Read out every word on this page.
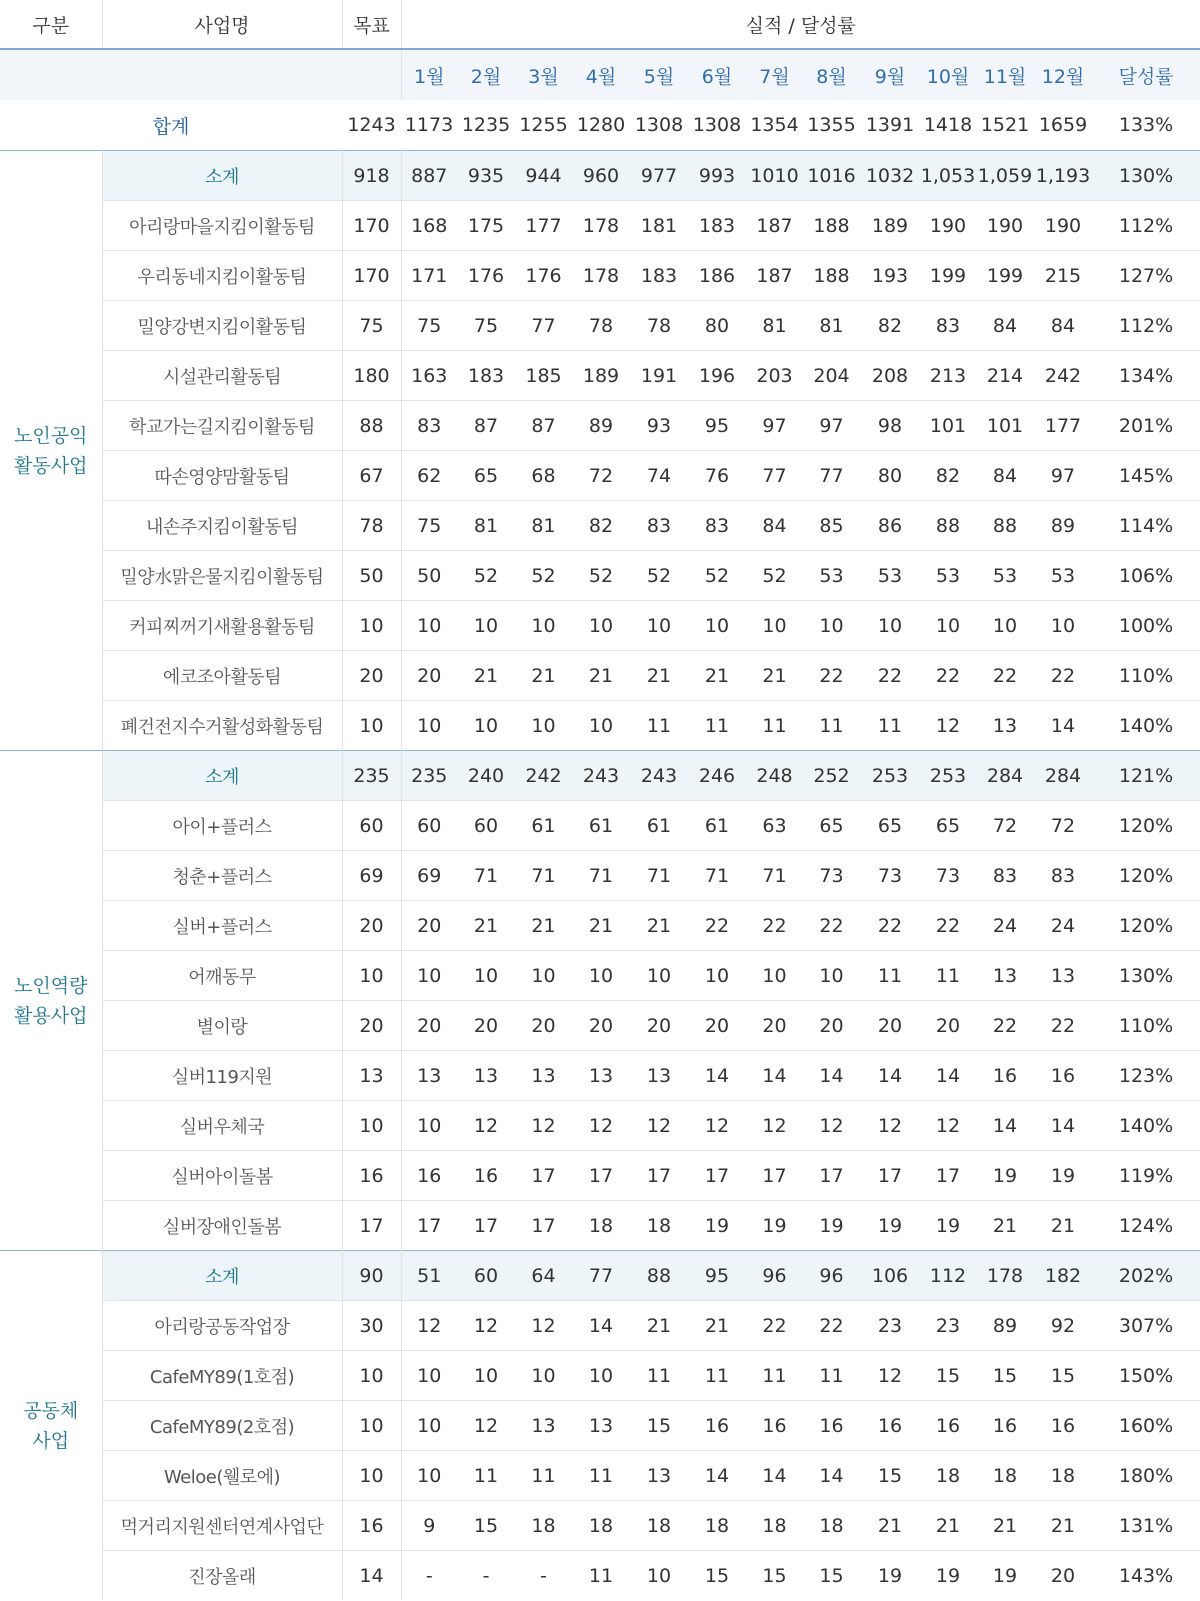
구분	사업명	목표	실적 / 달성률												
			1월	2월	3월	4월	5월	6월	7월	8월	9월	10월	11월	12월	달성률
합계		1243	1173	1235	1255	1280	1308	1308	1354	1355	1391	1418	1521	1659	133%
노인공익
활동사업	소계	918	887	935	944	960	977	993	1010	1016	1032	1,053	1,059	1,193	130%
	아리랑마을지킴이활동팀	170	168	175	177	178	181	183	187	188	189	190	190	190	112%
	우리동네지킴이활동팀	170	171	176	176	178	183	186	187	188	193	199	199	215	127%
	밀양강변지킴이활동팀	75	75	75	77	78	78	80	81	81	82	83	84	84	112%
	시설관리활동팀	180	163	183	185	189	191	196	203	204	208	213	214	242	134%
	학교가는길지킴이활동팀	88	83	87	87	89	93	95	97	97	98	101	101	177	201%
	따손영양맘활동팀	67	62	65	68	72	74	76	77	77	80	82	84	97	145%
	내손주지킴이활동팀	78	75	81	81	82	83	83	84	85	86	88	88	89	114%
	밀양水맑은물지킴이활동팀	50	50	52	52	52	52	52	52	53	53	53	53	53	106%
	커피찌꺼기새활용활동팀	10	10	10	10	10	10	10	10	10	10	10	10	10	100%
	에코조아활동팀	20	20	21	21	21	21	21	21	22	22	22	22	22	110%
	폐건전지수거활성화활동팀	10	10	10	10	10	11	11	11	11	11	12	13	14	140%
노인역량
활용사업	소계	235	235	240	242	243	243	246	248	252	253	253	284	284	121%
	아이+플러스	60	60	60	61	61	61	61	63	65	65	65	72	72	120%
	청춘+플러스	69	69	71	71	71	71	71	71	73	73	73	83	83	120%
	실버+플러스	20	20	21	21	21	21	22	22	22	22	22	24	24	120%
	어깨동무	10	10	10	10	10	10	10	10	10	11	11	13	13	130%
	별이랑	20	20	20	20	20	20	20	20	20	20	20	22	22	110%
	실버119지원	13	13	13	13	13	13	14	14	14	14	14	16	16	123%
	실버우체국	10	10	12	12	12	12	12	12	12	12	12	14	14	140%
	실버아이돌봄	16	16	16	17	17	17	17	17	17	17	17	19	19	119%
	실버장애인돌봄	17	17	17	17	18	18	19	19	19	19	19	21	21	124%
공동체
사업	소계	90	51	60	64	77	88	95	96	96	106	112	178	182	202%
	아리랑공동작업장	30	12	12	12	14	21	21	22	22	23	23	89	92	307%
	CafeMY89(1호점)	10	10	10	10	10	11	11	11	11	12	15	15	15	150%
	CafeMY89(2호점)	10	10	12	13	13	15	16	16	16	16	16	16	16	160%
	Weloe(웰로에)	10	10	11	11	11	13	14	14	14	15	18	18	18	180%
	먹거리지원센터연계사업단	16	9	15	18	18	18	18	18	18	21	21	21	21	131%
	진장올래	14	-	-	-	11	10	15	15	15	19	19	19	20	143%
